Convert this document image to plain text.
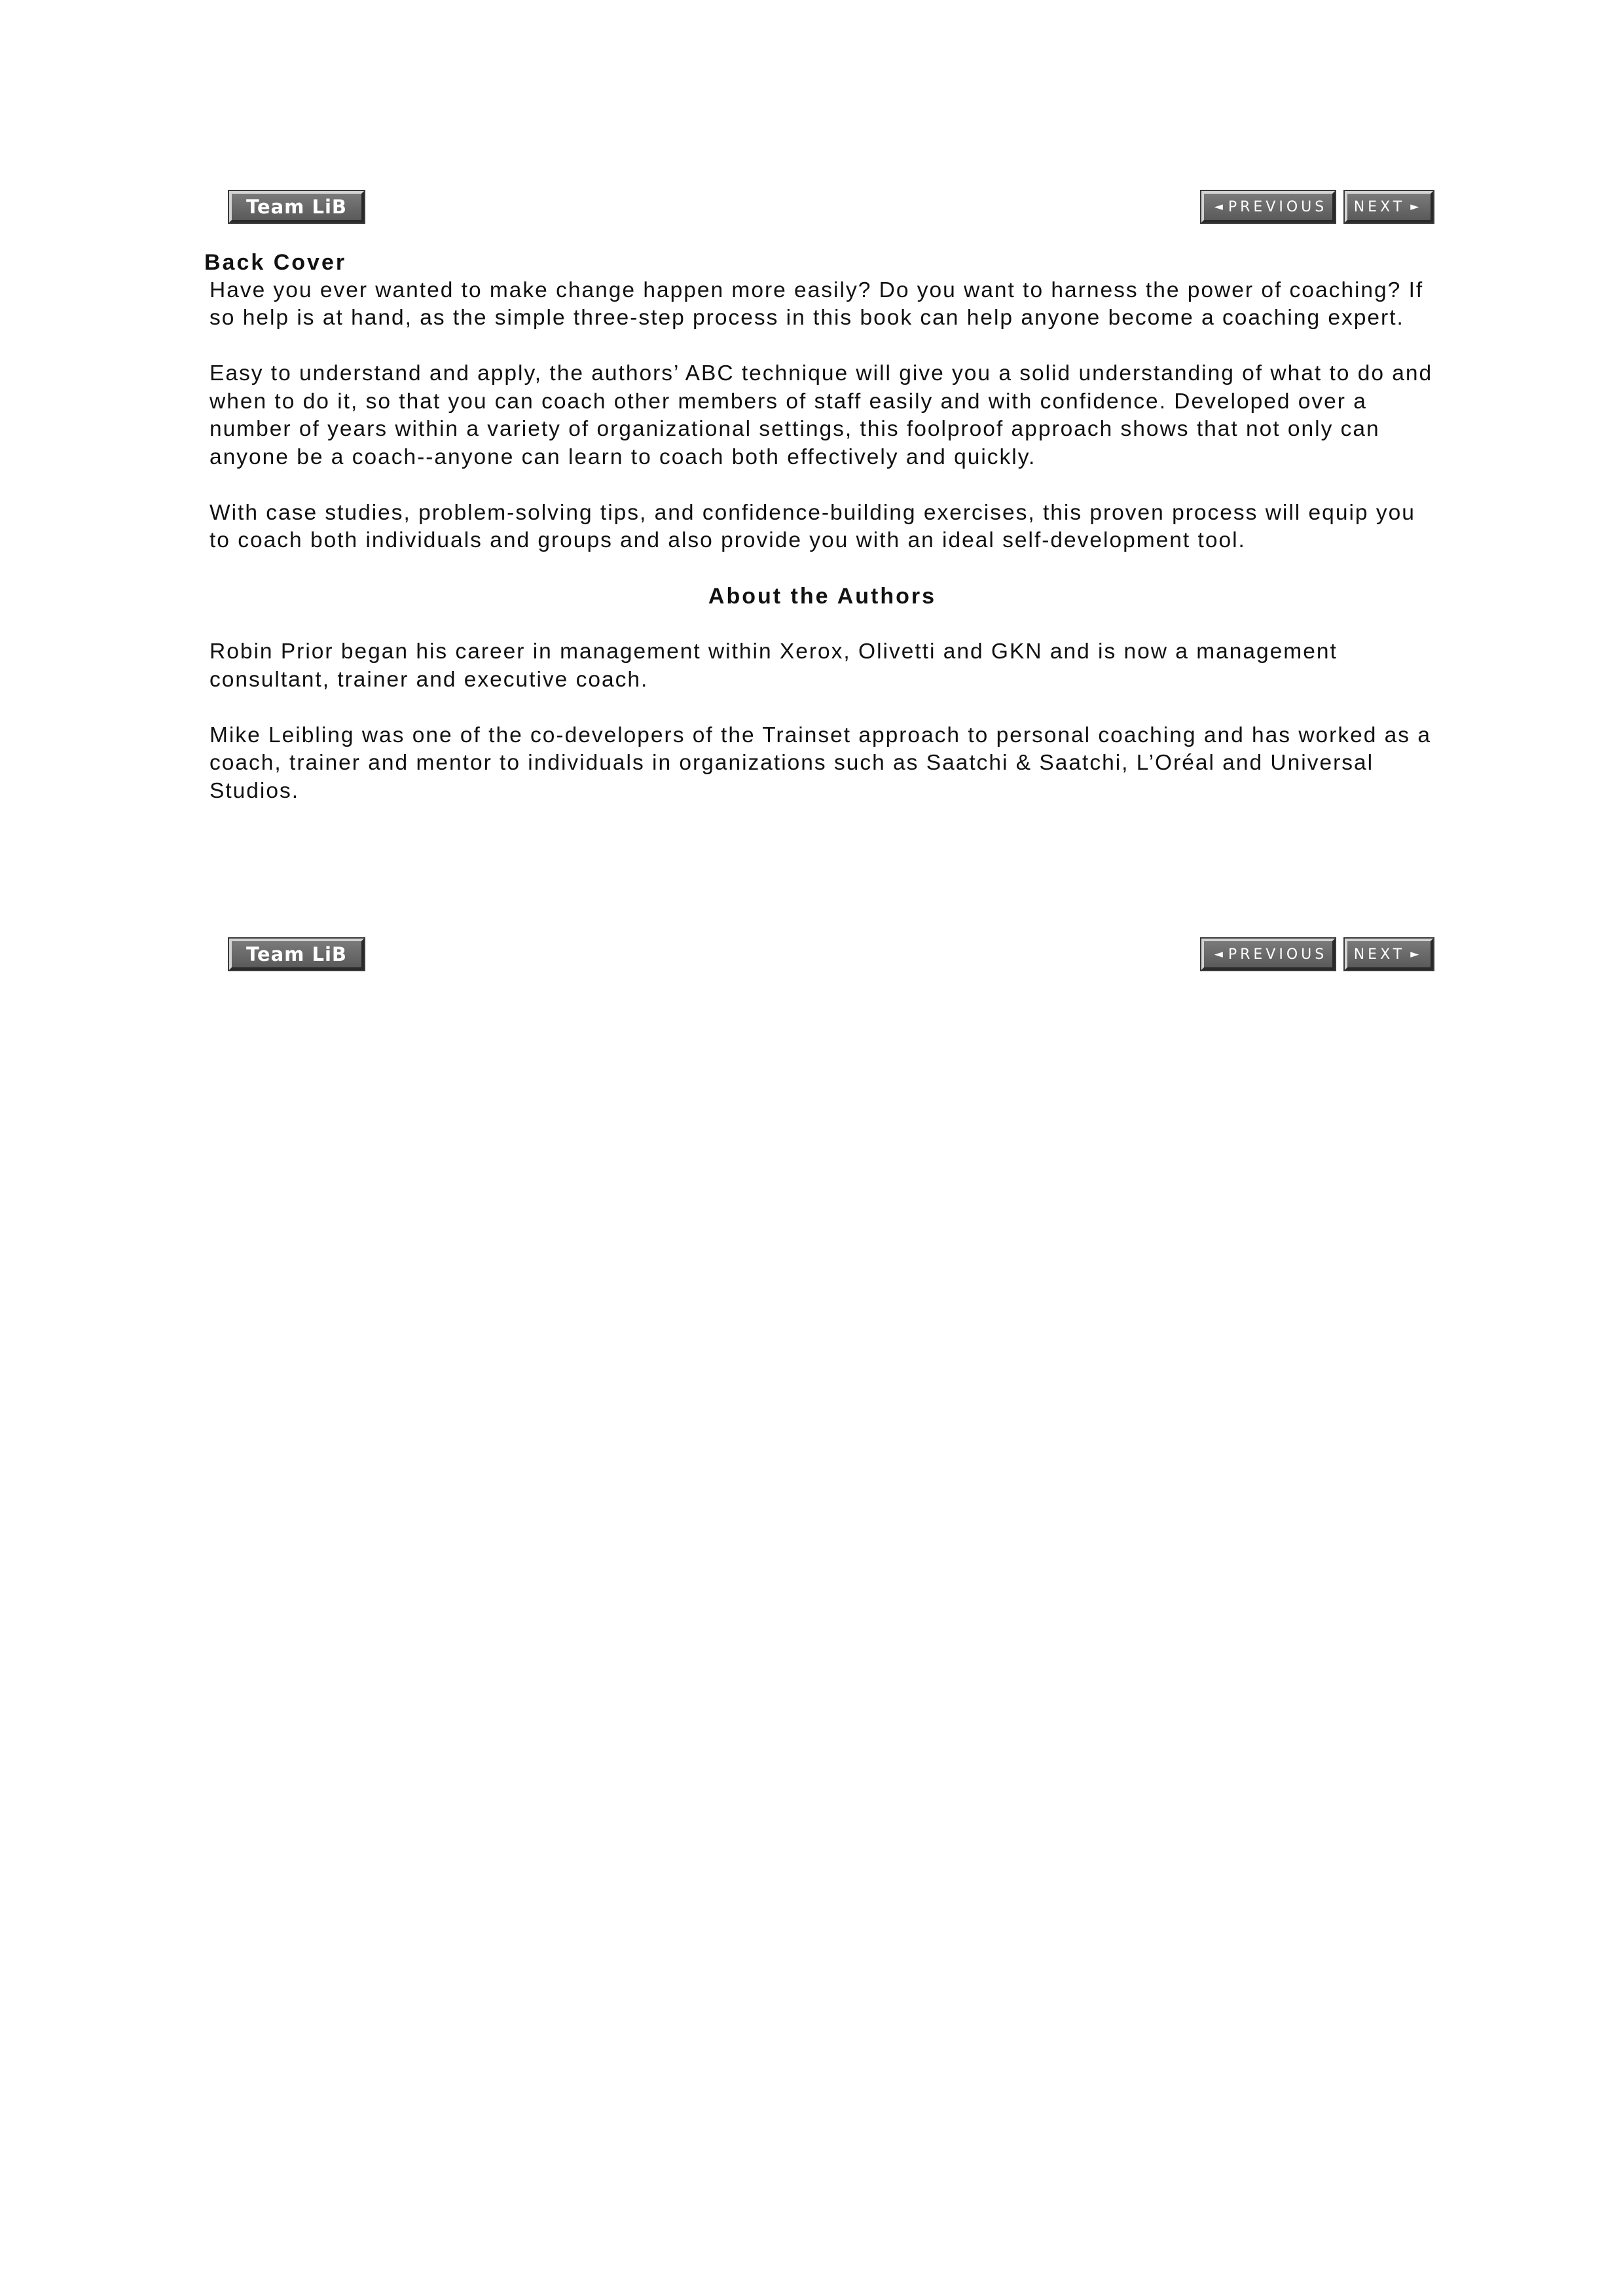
Team LiB	◄ PREVIOUS NEXT ►
Back Cover

Have you ever wanted to make change happen more easily? Do you want to harness the power of coaching? If so help is at hand, as the simple three-step process in this book can help anyone become a coaching expert.

Easy to understand and apply, the authors’ ABC technique will give you a solid understanding of what to do and when to do it, so that you can coach other members of staff easily and with confidence. Developed over a number of years within a variety of organizational settings, this foolproof approach shows that not only can anyone be a coach--anyone can learn to coach both effectively and quickly.

With case studies, problem-solving tips, and confidence-building exercises, this proven process will equip you to coach both individuals and groups and also provide you with an ideal self-development tool.

About the Authors

Robin Prior began his career in management within Xerox, Olivetti and GKN and is now a management consultant, trainer and executive coach.

Mike Leibling was one of the co-developers of the Trainset approach to personal coaching and has worked as a coach, trainer and mentor to individuals in organizations such as Saatchi & Saatchi, L’Oréal and Universal Studios.

Team LiB	◄ PREVIOUS NEXT ►
